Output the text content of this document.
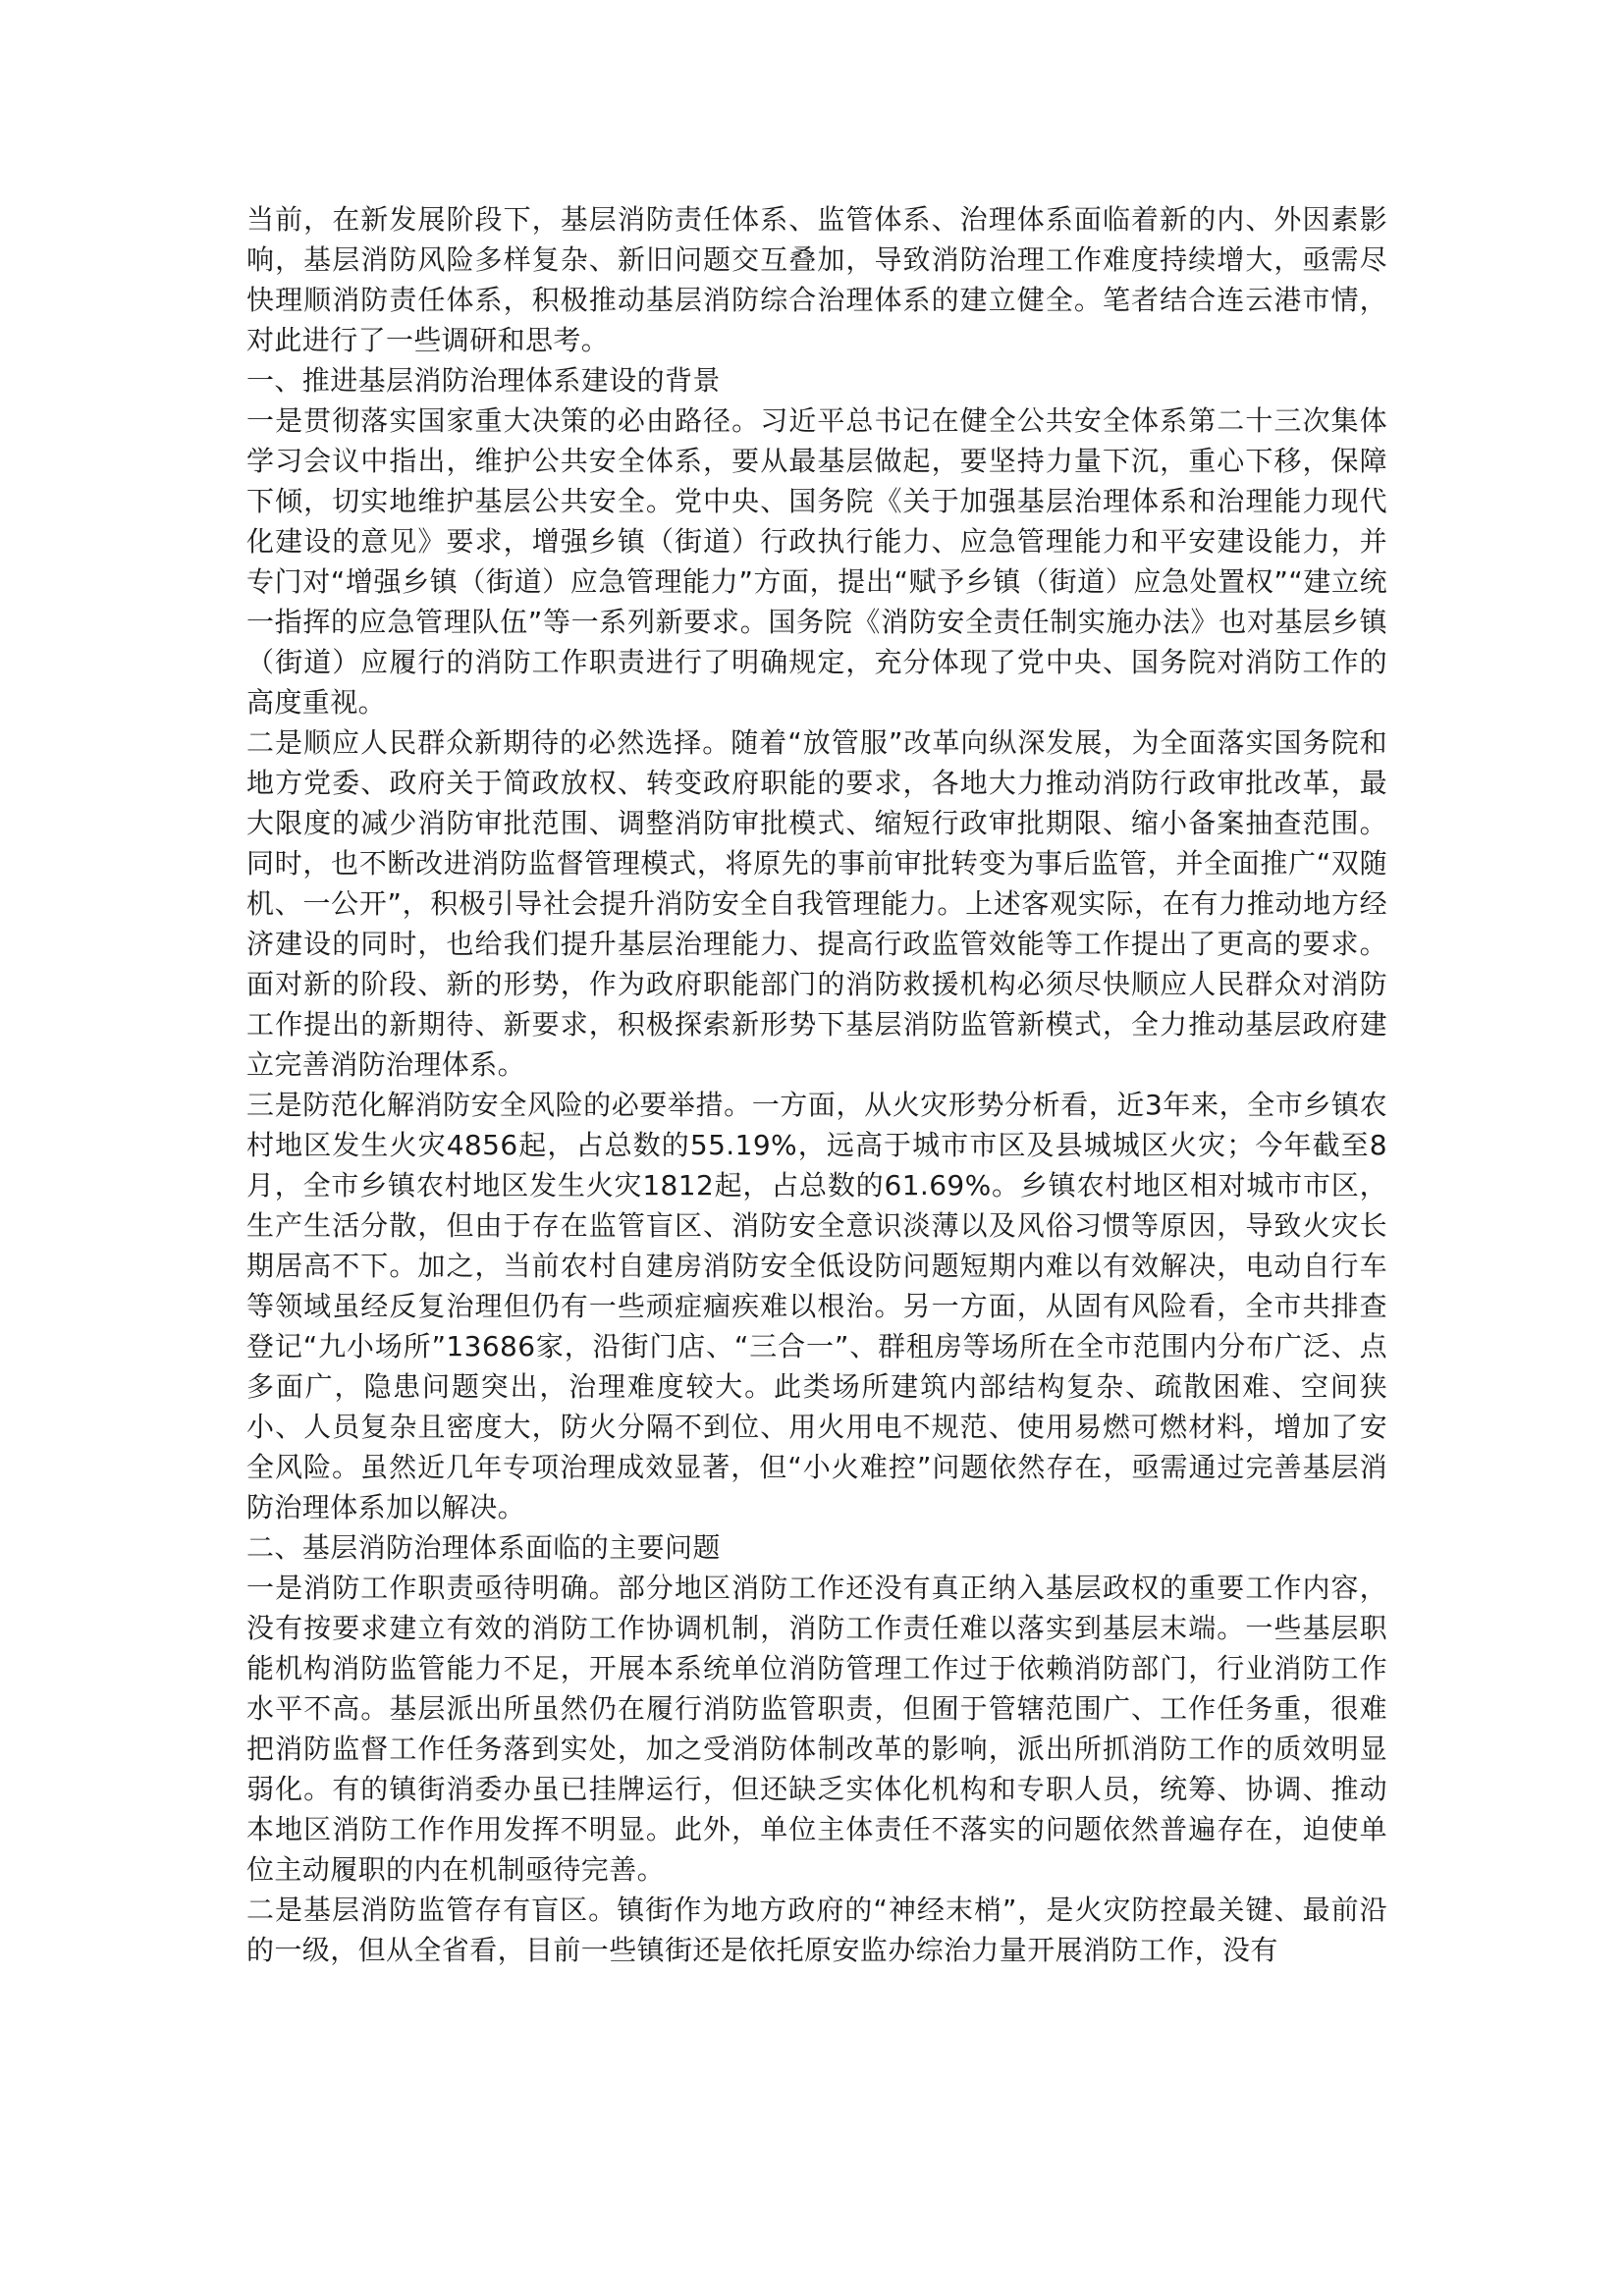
当前，在新发展阶段下，基层消防责任体系、监管体系、治理体系面临着新的内、外因素影响，基层消防风险多样复杂、新旧问题交互叠加，导致消防治理工作难度持续增大，亟需尽快理顺消防责任体系，积极推动基层消防综合治理体系的建立健全。笔者结合连云港市情，对此进行了一些调研和思考。

一、推进基层消防治理体系建设的背景

一是贯彻落实国家重大决策的必由路径。习近平总书记在健全公共安全体系第二十三次集体学习会议中指出，维护公共安全体系，要从最基层做起，要坚持力量下沉，重心下移，保障下倾，切实地维护基层公共安全。党中央、国务院《关于加强基层治理体系和治理能力现代化建设的意见》要求，增强乡镇（街道）行政执行能力、应急管理能力和平安建设能力，并专门对“增强乡镇（街道）应急管理能力”方面，提出“赋予乡镇（街道）应急处置权”“建立统一指挥的应急管理队伍”等一系列新要求。国务院《消防安全责任制实施办法》也对基层乡镇（街道）应履行的消防工作职责进行了明确规定，充分体现了党中央、国务院对消防工作的高度重视。

二是顺应人民群众新期待的必然选择。随着“放管服”改革向纵深发展，为全面落实国务院和地方党委、政府关于简政放权、转变政府职能的要求，各地大力推动消防行政审批改革，最大限度的减少消防审批范围、调整消防审批模式、缩短行政审批期限、缩小备案抽查范围。同时，也不断改进消防监督管理模式，将原先的事前审批转变为事后监管，并全面推广“双随机、一公开”，积极引导社会提升消防安全自我管理能力。上述客观实际，在有力推动地方经济建设的同时，也给我们提升基层治理能力、提高行政监管效能等工作提出了更高的要求。面对新的阶段、新的形势，作为政府职能部门的消防救援机构必须尽快顺应人民群众对消防工作提出的新期待、新要求，积极探索新形势下基层消防监管新模式，全力推动基层政府建立完善消防治理体系。

三是防范化解消防安全风险的必要举措。一方面，从火灾形势分析看，近3年来，全市乡镇农村地区发生火灾4856起，占总数的55.19%，远高于城市市区及县城城区火灾；今年截至8月，全市乡镇农村地区发生火灾1812起，占总数的61.69%。乡镇农村地区相对城市市区，生产生活分散，但由于存在监管盲区、消防安全意识淡薄以及风俗习惯等原因，导致火灾长期居高不下。加之，当前农村自建房消防安全低设防问题短期内难以有效解决，电动自行车等领域虽经反复治理但仍有一些顽症痼疾难以根治。另一方面，从固有风险看，全市共排查登记“九小场所”13686家，沿街门店、“三合一”、群租房等场所在全市范围内分布广泛、点多面广，隐患问题突出，治理难度较大。此类场所建筑内部结构复杂、疏散困难、空间狭小、人员复杂且密度大，防火分隔不到位、用火用电不规范、使用易燃可燃材料，增加了安全风险。虽然近几年专项治理成效显著，但“小火难控”问题依然存在，亟需通过完善基层消防治理体系加以解决。

二、基层消防治理体系面临的主要问题

一是消防工作职责亟待明确。部分地区消防工作还没有真正纳入基层政权的重要工作内容，没有按要求建立有效的消防工作协调机制，消防工作责任难以落实到基层末端。一些基层职能机构消防监管能力不足，开展本系统单位消防管理工作过于依赖消防部门，行业消防工作水平不高。基层派出所虽然仍在履行消防监管职责，但囿于管辖范围广、工作任务重，很难把消防监督工作任务落到实处，加之受消防体制改革的影响，派出所抓消防工作的质效明显弱化。有的镇街消委办虽已挂牌运行，但还缺乏实体化机构和专职人员，统筹、协调、推动本地区消防工作作用发挥不明显。此外，单位主体责任不落实的问题依然普遍存在，迫使单位主动履职的内在机制亟待完善。

二是基层消防监管存有盲区。镇街作为地方政府的“神经末梢”，是火灾防控最关键、最前沿的一级，但从全省看，目前一些镇街还是依托原安监办综治力量开展消防工作，没有
